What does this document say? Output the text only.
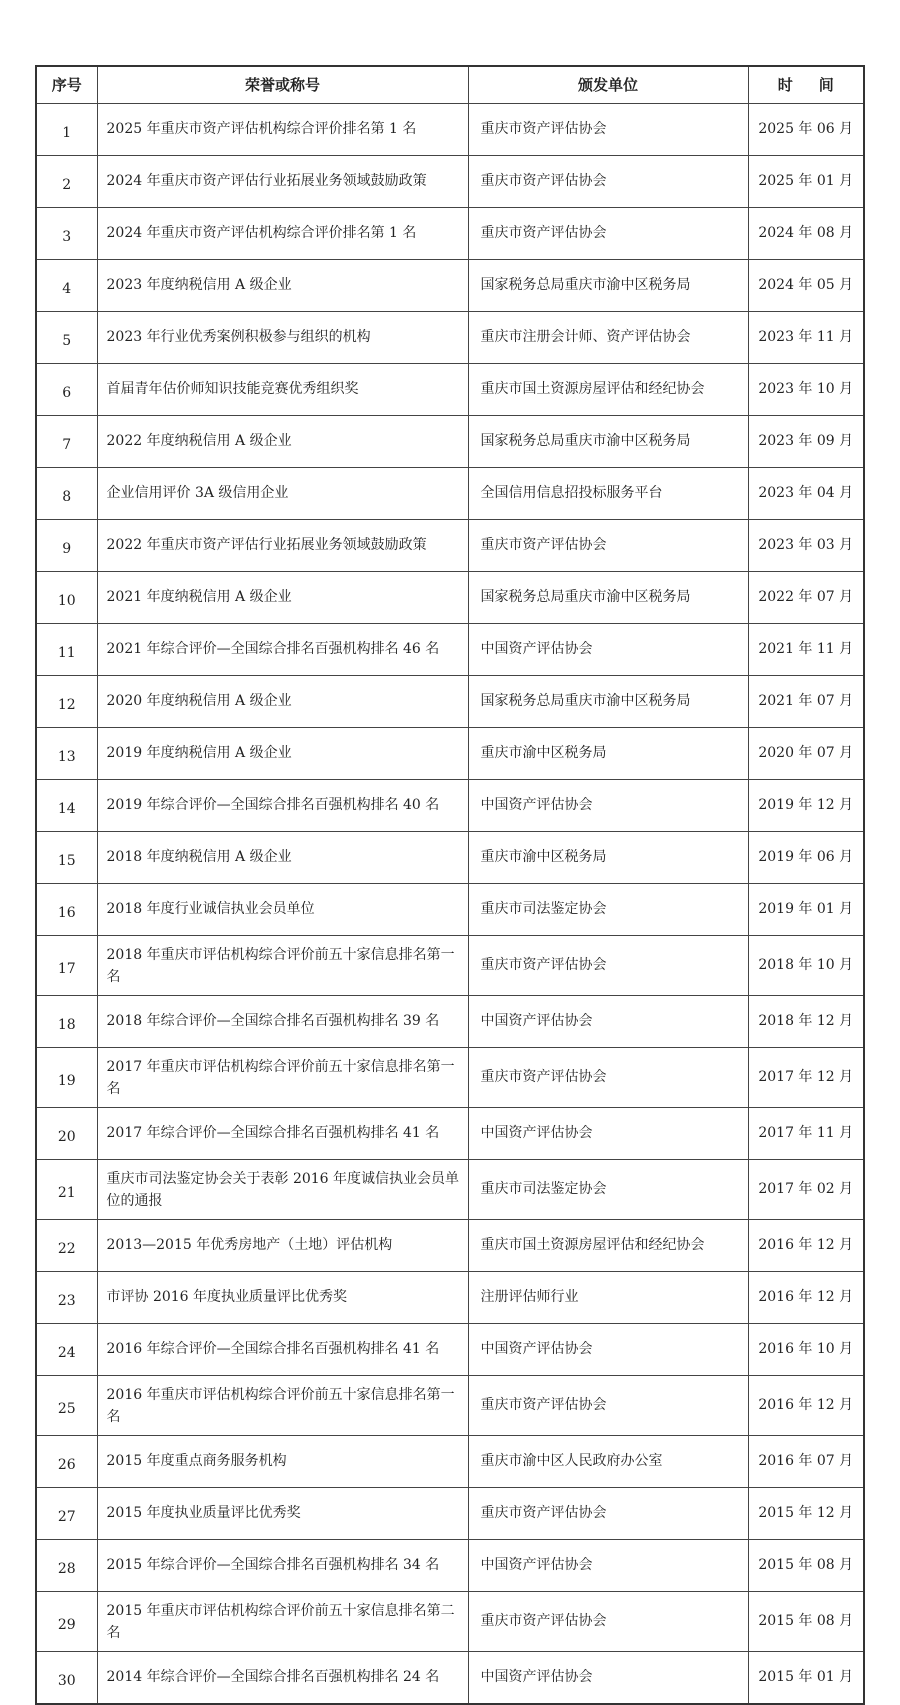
序号	荣誉或称号	颁发单位	时 间
1	2025 年重庆市资产评估机构综合评价排名第 1 名	重庆市资产评估协会	2025 年 06 月
2	2024 年重庆市资产评估行业拓展业务领域鼓励政策	重庆市资产评估协会	2025 年 01 月
3	2024 年重庆市资产评估机构综合评价排名第 1 名	重庆市资产评估协会	2024 年 08 月
4	2023 年度纳税信用 A 级企业	国家税务总局重庆市渝中区税务局	2024 年 05 月
5	2023 年行业优秀案例积极参与组织的机构	重庆市注册会计师、资产评估协会	2023 年 11 月
6	首届青年估价师知识技能竞赛优秀组织奖	重庆市国土资源房屋评估和经纪协会	2023 年 10 月
7	2022 年度纳税信用 A 级企业	国家税务总局重庆市渝中区税务局	2023 年 09 月
8	企业信用评价 3A 级信用企业	全国信用信息招投标服务平台	2023 年 04 月
9	2022 年重庆市资产评估行业拓展业务领域鼓励政策	重庆市资产评估协会	2023 年 03 月
10	2021 年度纳税信用 A 级企业	国家税务总局重庆市渝中区税务局	2022 年 07 月
11	2021 年综合评价—全国综合排名百强机构排名 46 名	中国资产评估协会	2021 年 11 月
12	2020 年度纳税信用 A 级企业	国家税务总局重庆市渝中区税务局	2021 年 07 月
13	2019 年度纳税信用 A 级企业	重庆市渝中区税务局	2020 年 07 月
14	2019 年综合评价—全国综合排名百强机构排名 40 名	中国资产评估协会	2019 年 12 月
15	2018 年度纳税信用 A 级企业	重庆市渝中区税务局	2019 年 06 月
16	2018 年度行业诚信执业会员单位	重庆市司法鉴定协会	2019 年 01 月
17	2018 年重庆市评估机构综合评价前五十家信息排名第一名	重庆市资产评估协会	2018 年 10 月
18	2018 年综合评价—全国综合排名百强机构排名 39 名	中国资产评估协会	2018 年 12 月
19	2017 年重庆市评估机构综合评价前五十家信息排名第一名	重庆市资产评估协会	2017 年 12 月
20	2017 年综合评价—全国综合排名百强机构排名 41 名	中国资产评估协会	2017 年 11 月
21	重庆市司法鉴定协会关于表彰 2016 年度诚信执业会员单位的通报	重庆市司法鉴定协会	2017 年 02 月
22	2013—2015 年优秀房地产（土地）评估机构	重庆市国土资源房屋评估和经纪协会	2016 年 12 月
23	市评协 2016 年度执业质量评比优秀奖	注册评估师行业	2016 年 12 月
24	2016 年综合评价—全国综合排名百强机构排名 41 名	中国资产评估协会	2016 年 10 月
25	2016 年重庆市评估机构综合评价前五十家信息排名第一名	重庆市资产评估协会	2016 年 12 月
26	2015 年度重点商务服务机构	重庆市渝中区人民政府办公室	2016 年 07 月
27	2015 年度执业质量评比优秀奖	重庆市资产评估协会	2015 年 12 月
28	2015 年综合评价—全国综合排名百强机构排名 34 名	中国资产评估协会	2015 年 08 月
29	2015 年重庆市评估机构综合评价前五十家信息排名第二名	重庆市资产评估协会	2015 年 08 月
30	2014 年综合评价—全国综合排名百强机构排名 24 名	中国资产评估协会	2015 年 01 月
